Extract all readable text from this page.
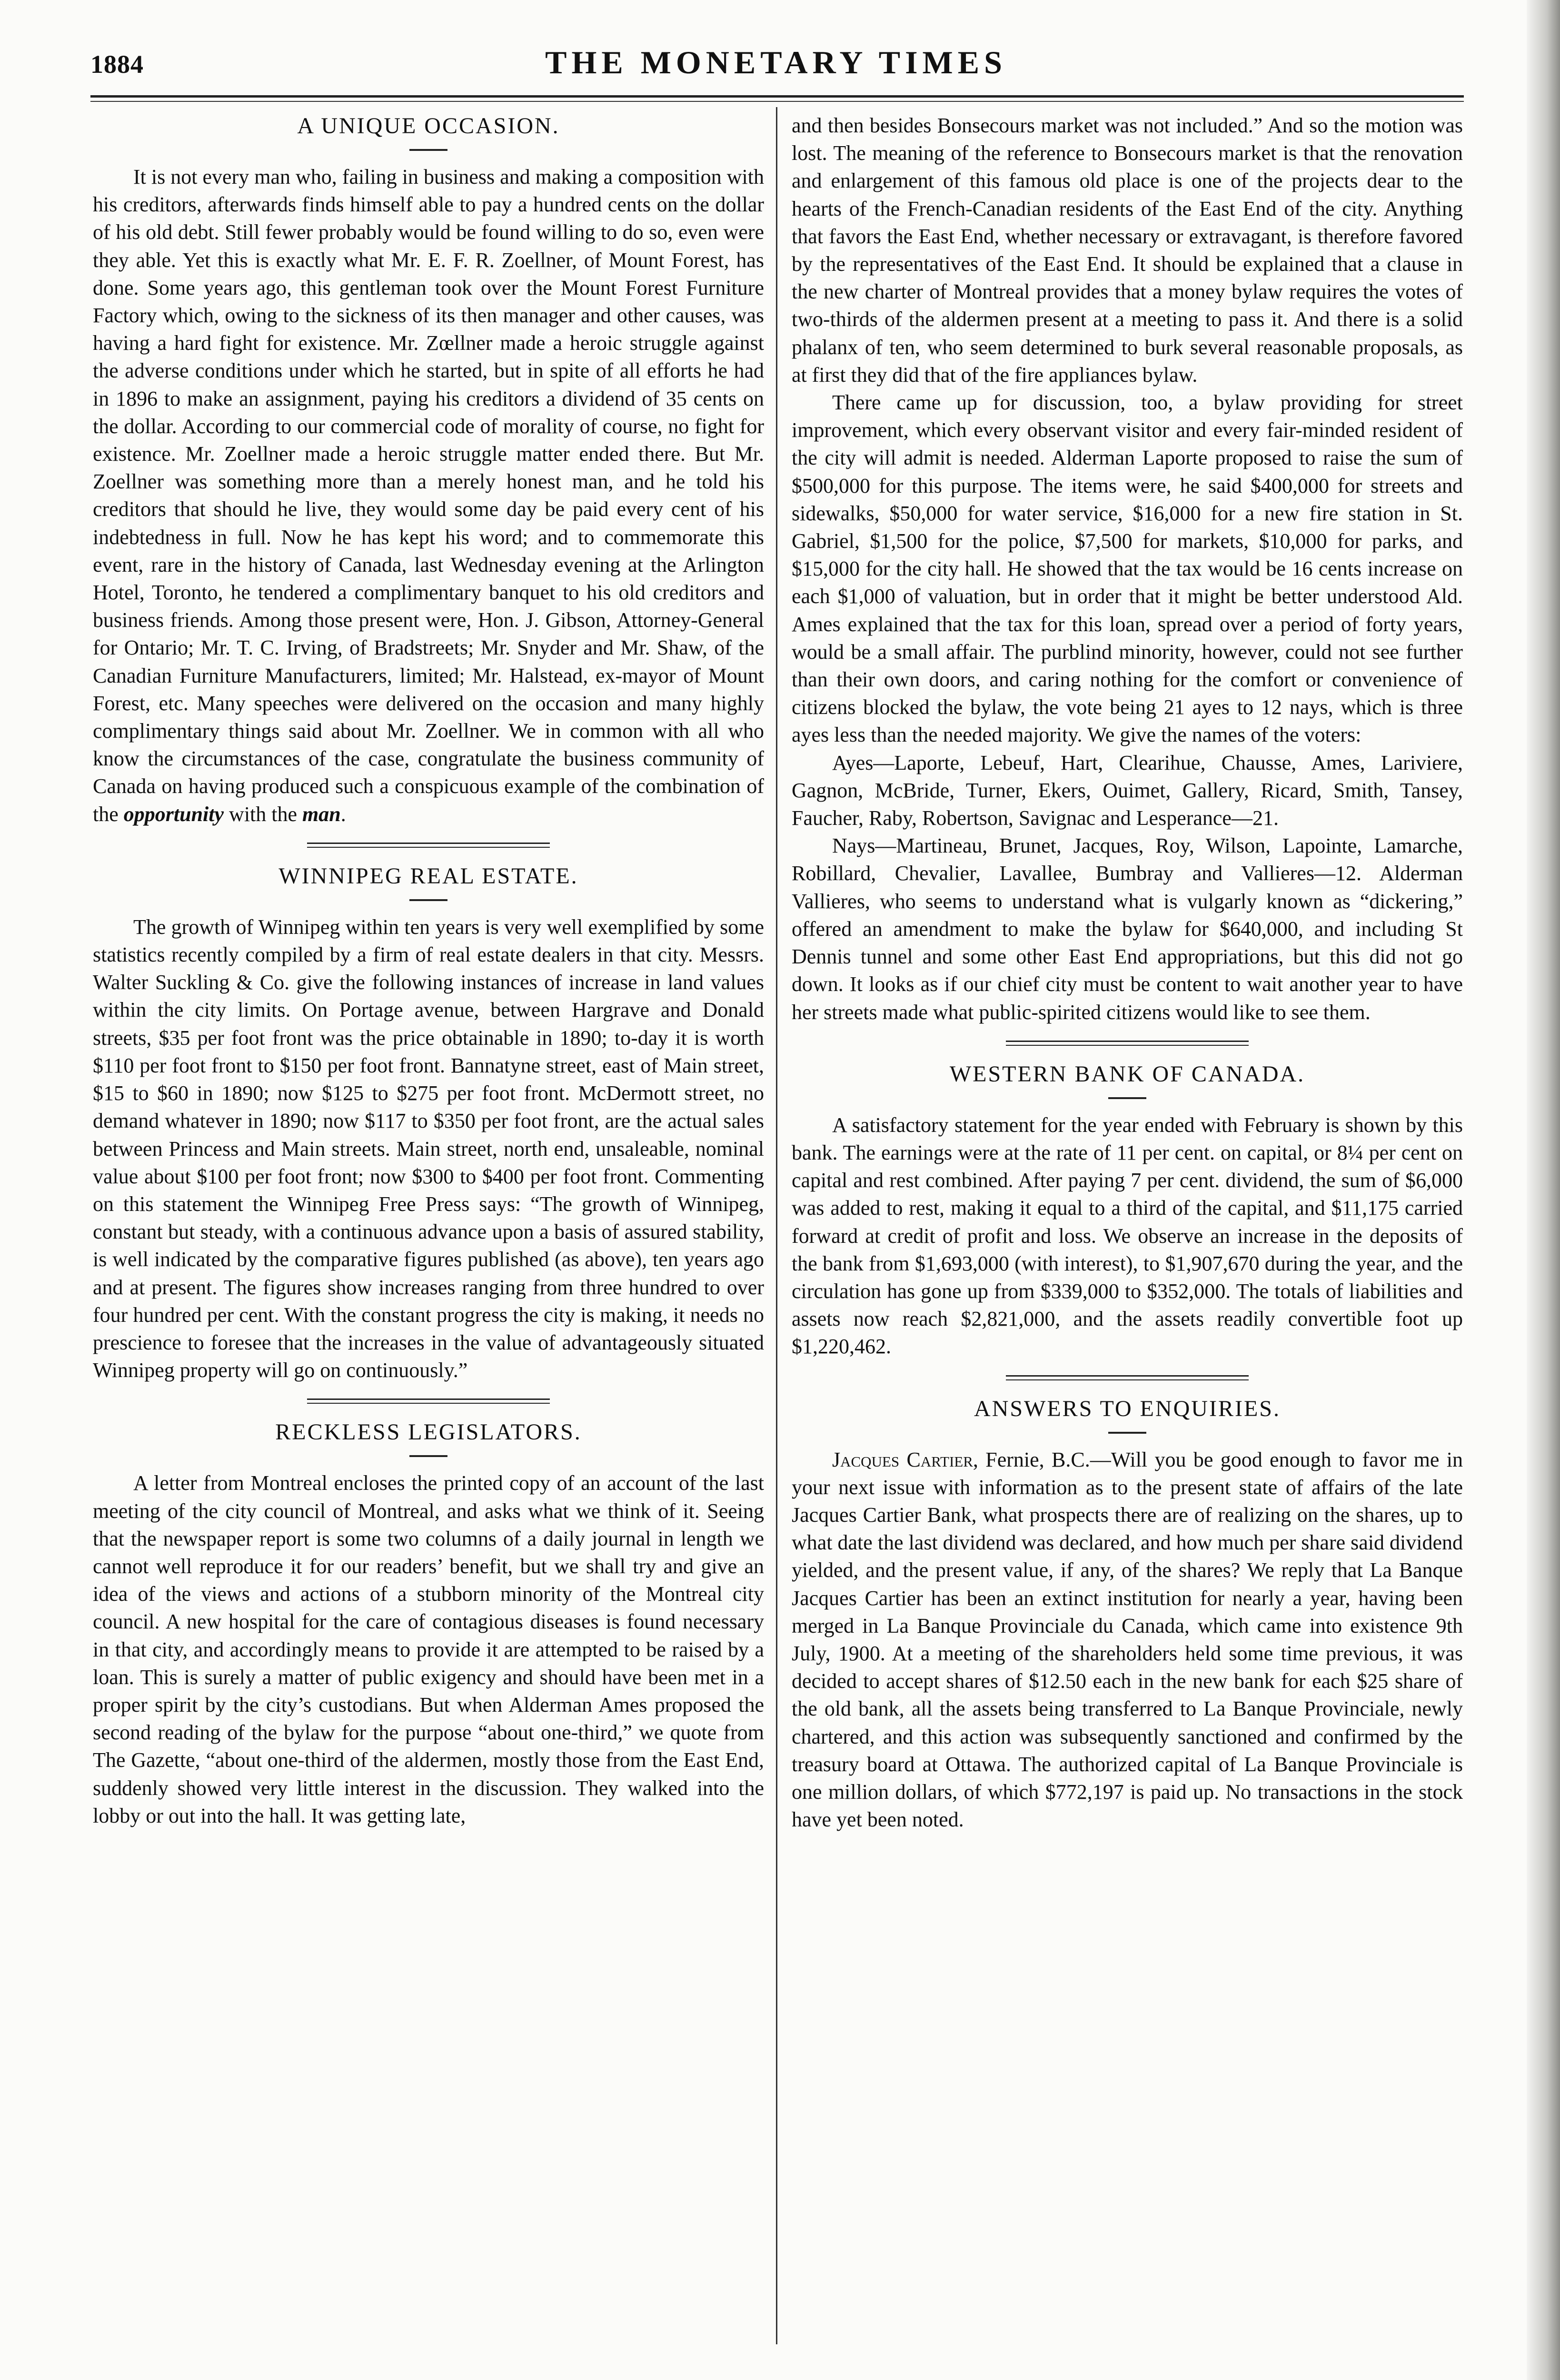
1884	THE MONETARY TIMES
A UNIQUE OCCASION.

It is not every man who, failing in business and making a composition with his creditors, afterwards finds himself able to pay a hundred cents on the dollar of his old debt. Still fewer probably would be found willing to do so, even were they able. Yet this is exactly what Mr. E. F. R. Zoellner, of Mount Forest, has done. Some years ago, this gentleman took over the Mount Forest Furniture Factory which, owing to the sickness of its then manager and other causes, was having a hard fight for existence. Mr. Zœllner made a heroic struggle against the adverse conditions under which he started, but in spite of all efforts he had in 1896 to make an assignment, paying his creditors a dividend of 35 cents on the dollar. According to our commercial code of morality of course, no fight for existence. Mr. Zoellner made a heroic struggle matter ended there. But Mr. Zoellner was something more than a merely honest man, and he told his creditors that should he live, they would some day be paid every cent of his indebtedness in full. Now he has kept his word; and to commemorate this event, rare in the history of Canada, last Wednesday evening at the Arlington Hotel, Toronto, he tendered a complimentary banquet to his old creditors and business friends. Among those present were, Hon. J. Gibson, Attorney-General for Ontario; Mr. T. C. Irving, of Bradstreets; Mr. Snyder and Mr. Shaw, of the Canadian Furniture Manufacturers, limited; Mr. Halstead, ex-mayor of Mount Forest, etc. Many speeches were delivered on the occasion and many highly complimentary things said about Mr. Zoellner. We in common with all who know the circumstances of the case, congratulate the business community of Canada on having produced such a conspicuous example of the combination of the opportunity with the man.

WINNIPEG REAL ESTATE.

The growth of Winnipeg within ten years is very well exemplified by some statistics recently compiled by a firm of real estate dealers in that city. Messrs. Walter Suckling & Co. give the following instances of increase in land values within the city limits. On Portage avenue, between Hargrave and Donald streets, $35 per foot front was the price obtainable in 1890; to-day it is worth $110 per foot front to $150 per foot front. Bannatyne street, east of Main street, $15 to $60 in 1890; now $125 to $275 per foot front. McDermott street, no demand whatever in 1890; now $117 to $350 per foot front, are the actual sales between Princess and Main streets. Main street, north end, unsaleable, nominal value about $100 per foot front; now $300 to $400 per foot front. Commenting on this statement the Winnipeg Free Press says: “The growth of Winnipeg, constant but steady, with a continuous advance upon a basis of assured stability, is well indicated by the comparative figures published (as above), ten years ago and at present. The figures show increases ranging from three hundred to over four hundred per cent. With the constant progress the city is making, it needs no prescience to foresee that the increases in the value of advantageously situated Winnipeg property will go on continuously.”

RECKLESS LEGISLATORS.

A letter from Montreal encloses the printed copy of an account of the last meeting of the city council of Montreal, and asks what we think of it. Seeing that the newspaper report is some two columns of a daily journal in length we cannot well reproduce it for our readers’ benefit, but we shall try and give an idea of the views and actions of a stubborn minority of the Montreal city council. A new hospital for the care of contagious diseases is found necessary in that city, and accordingly means to provide it are attempted to be raised by a loan. This is surely a matter of public exigency and should have been met in a proper spirit by the city’s custodians. But when Alderman Ames proposed the second reading of the bylaw for the purpose “about one-third,” we quote from The Gazette, “about one-third of the aldermen, mostly those from the East End, suddenly showed very little interest in the discussion. They walked into the lobby or out into the hall. It was getting late,

and then besides Bonsecours market was not included.” And so the motion was lost. The meaning of the reference to Bonsecours market is that the renovation and enlargement of this famous old place is one of the projects dear to the hearts of the French-Canadian residents of the East End of the city. Anything that favors the East End, whether necessary or extravagant, is therefore favored by the representatives of the East End. It should be explained that a clause in the new charter of Montreal provides that a money bylaw requires the votes of two-thirds of the aldermen present at a meeting to pass it. And there is a solid phalanx of ten, who seem determined to burk several reasonable proposals, as at first they did that of the fire appliances bylaw.

There came up for discussion, too, a bylaw providing for street improvement, which every observant visitor and every fair-minded resident of the city will admit is needed. Alderman Laporte proposed to raise the sum of $500,000 for this purpose. The items were, he said $400,000 for streets and sidewalks, $50,000 for water service, $16,000 for a new fire station in St. Gabriel, $1,500 for the police, $7,500 for markets, $10,000 for parks, and $15,000 for the city hall. He showed that the tax would be 16 cents increase on each $1,000 of valuation, but in order that it might be better understood Ald. Ames explained that the tax for this loan, spread over a period of forty years, would be a small affair. The purblind minority, however, could not see further than their own doors, and caring nothing for the comfort or convenience of citizens blocked the bylaw, the vote being 21 ayes to 12 nays, which is three ayes less than the needed majority. We give the names of the voters:

Ayes—Laporte, Lebeuf, Hart, Clearihue, Chausse, Ames, Lariviere, Gagnon, McBride, Turner, Ekers, Ouimet, Gallery, Ricard, Smith, Tansey, Faucher, Raby, Robertson, Savignac and Lesperance—21.

Nays—Martineau, Brunet, Jacques, Roy, Wilson, Lapointe, Lamarche, Robillard, Chevalier, Lavallee, Bumbray and Vallieres—12. Alderman Vallieres, who seems to understand what is vulgarly known as “dickering,” offered an amendment to make the bylaw for $640,000, and including St Dennis tunnel and some other East End appropriations, but this did not go down. It looks as if our chief city must be content to wait another year to have her streets made what public-spirited citizens would like to see them.

WESTERN BANK OF CANADA.

A satisfactory statement for the year ended with February is shown by this bank. The earnings were at the rate of 11 per cent. on capital, or 8¼ per cent on capital and rest combined. After paying 7 per cent. dividend, the sum of $6,000 was added to rest, making it equal to a third of the capital, and $11,175 carried forward at credit of profit and loss. We observe an increase in the deposits of the bank from $1,693,000 (with interest), to $1,907,670 during the year, and the circulation has gone up from $339,000 to $352,000. The totals of liabilities and assets now reach $2,821,000, and the assets readily convertible foot up $1,220,462.

ANSWERS TO ENQUIRIES.

Jacques Cartier, Fernie, B.C.—Will you be good enough to favor me in your next issue with information as to the present state of affairs of the late Jacques Cartier Bank, what prospects there are of realizing on the shares, up to what date the last dividend was declared, and how much per share said dividend yielded, and the present value, if any, of the shares? We reply that La Banque Jacques Cartier has been an extinct institution for nearly a year, having been merged in La Banque Provinciale du Canada, which came into existence 9th July, 1900. At a meeting of the shareholders held some time previous, it was decided to accept shares of $12.50 each in the new bank for each $25 share of the old bank, all the assets being transferred to La Banque Provinciale, newly chartered, and this action was subsequently sanctioned and confirmed by the treasury board at Ottawa. The authorized capital of La Banque Provinciale is one million dollars, of which $772,197 is paid up. No transactions in the stock have yet been noted.
